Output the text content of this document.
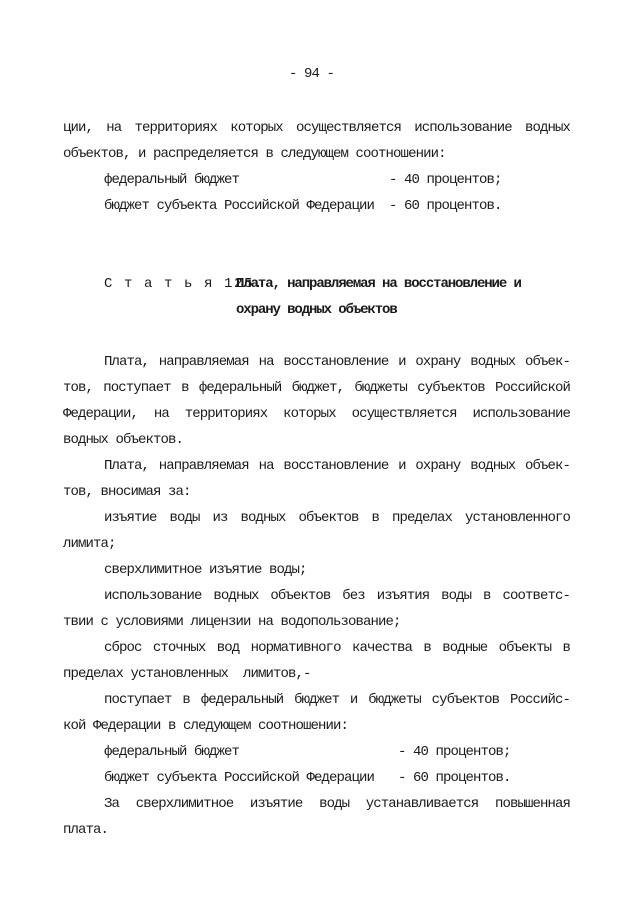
- 94 -
ции, на территориях которых осуществляется использование водных
объектов, и распределяется в следующем соотношении:
федеральный бюджет	- 40 процентов;
бюджет субъекта Российской Федерации - 60 процентов.
С т а т ь я 125.
Плата, направляемая на восстановление и
охрану водных объектов
Плата, направляемая на восстановление и охрану водных объек-
тов, поступает в федеральный бюджет, бюджеты субъектов Российской
Федерации, на территориях которых осуществляется использование
водных объектов.
Плата, направляемая на восстановление и охрану водных объек-
тов, вносимая за:
изъятие воды из водных объектов в пределах установленного
лимита;
сверхлимитное изъятие воды;
использование водных объектов без изъятия воды в соответс-
твии с условиями лицензии на водопользование;
сброс сточных вод нормативного качества в водные объекты в
пределах установленных  лимитов,-
поступает в федеральный бюджет и бюджеты субъектов Российс-
кой Федерации в следующем соотношении:
федеральный бюджет	- 40 процентов;
бюджет субъекта Российской Федерации - 60 процентов.
За сверхлимитное изъятие воды устанавливается повышенная
плата.
